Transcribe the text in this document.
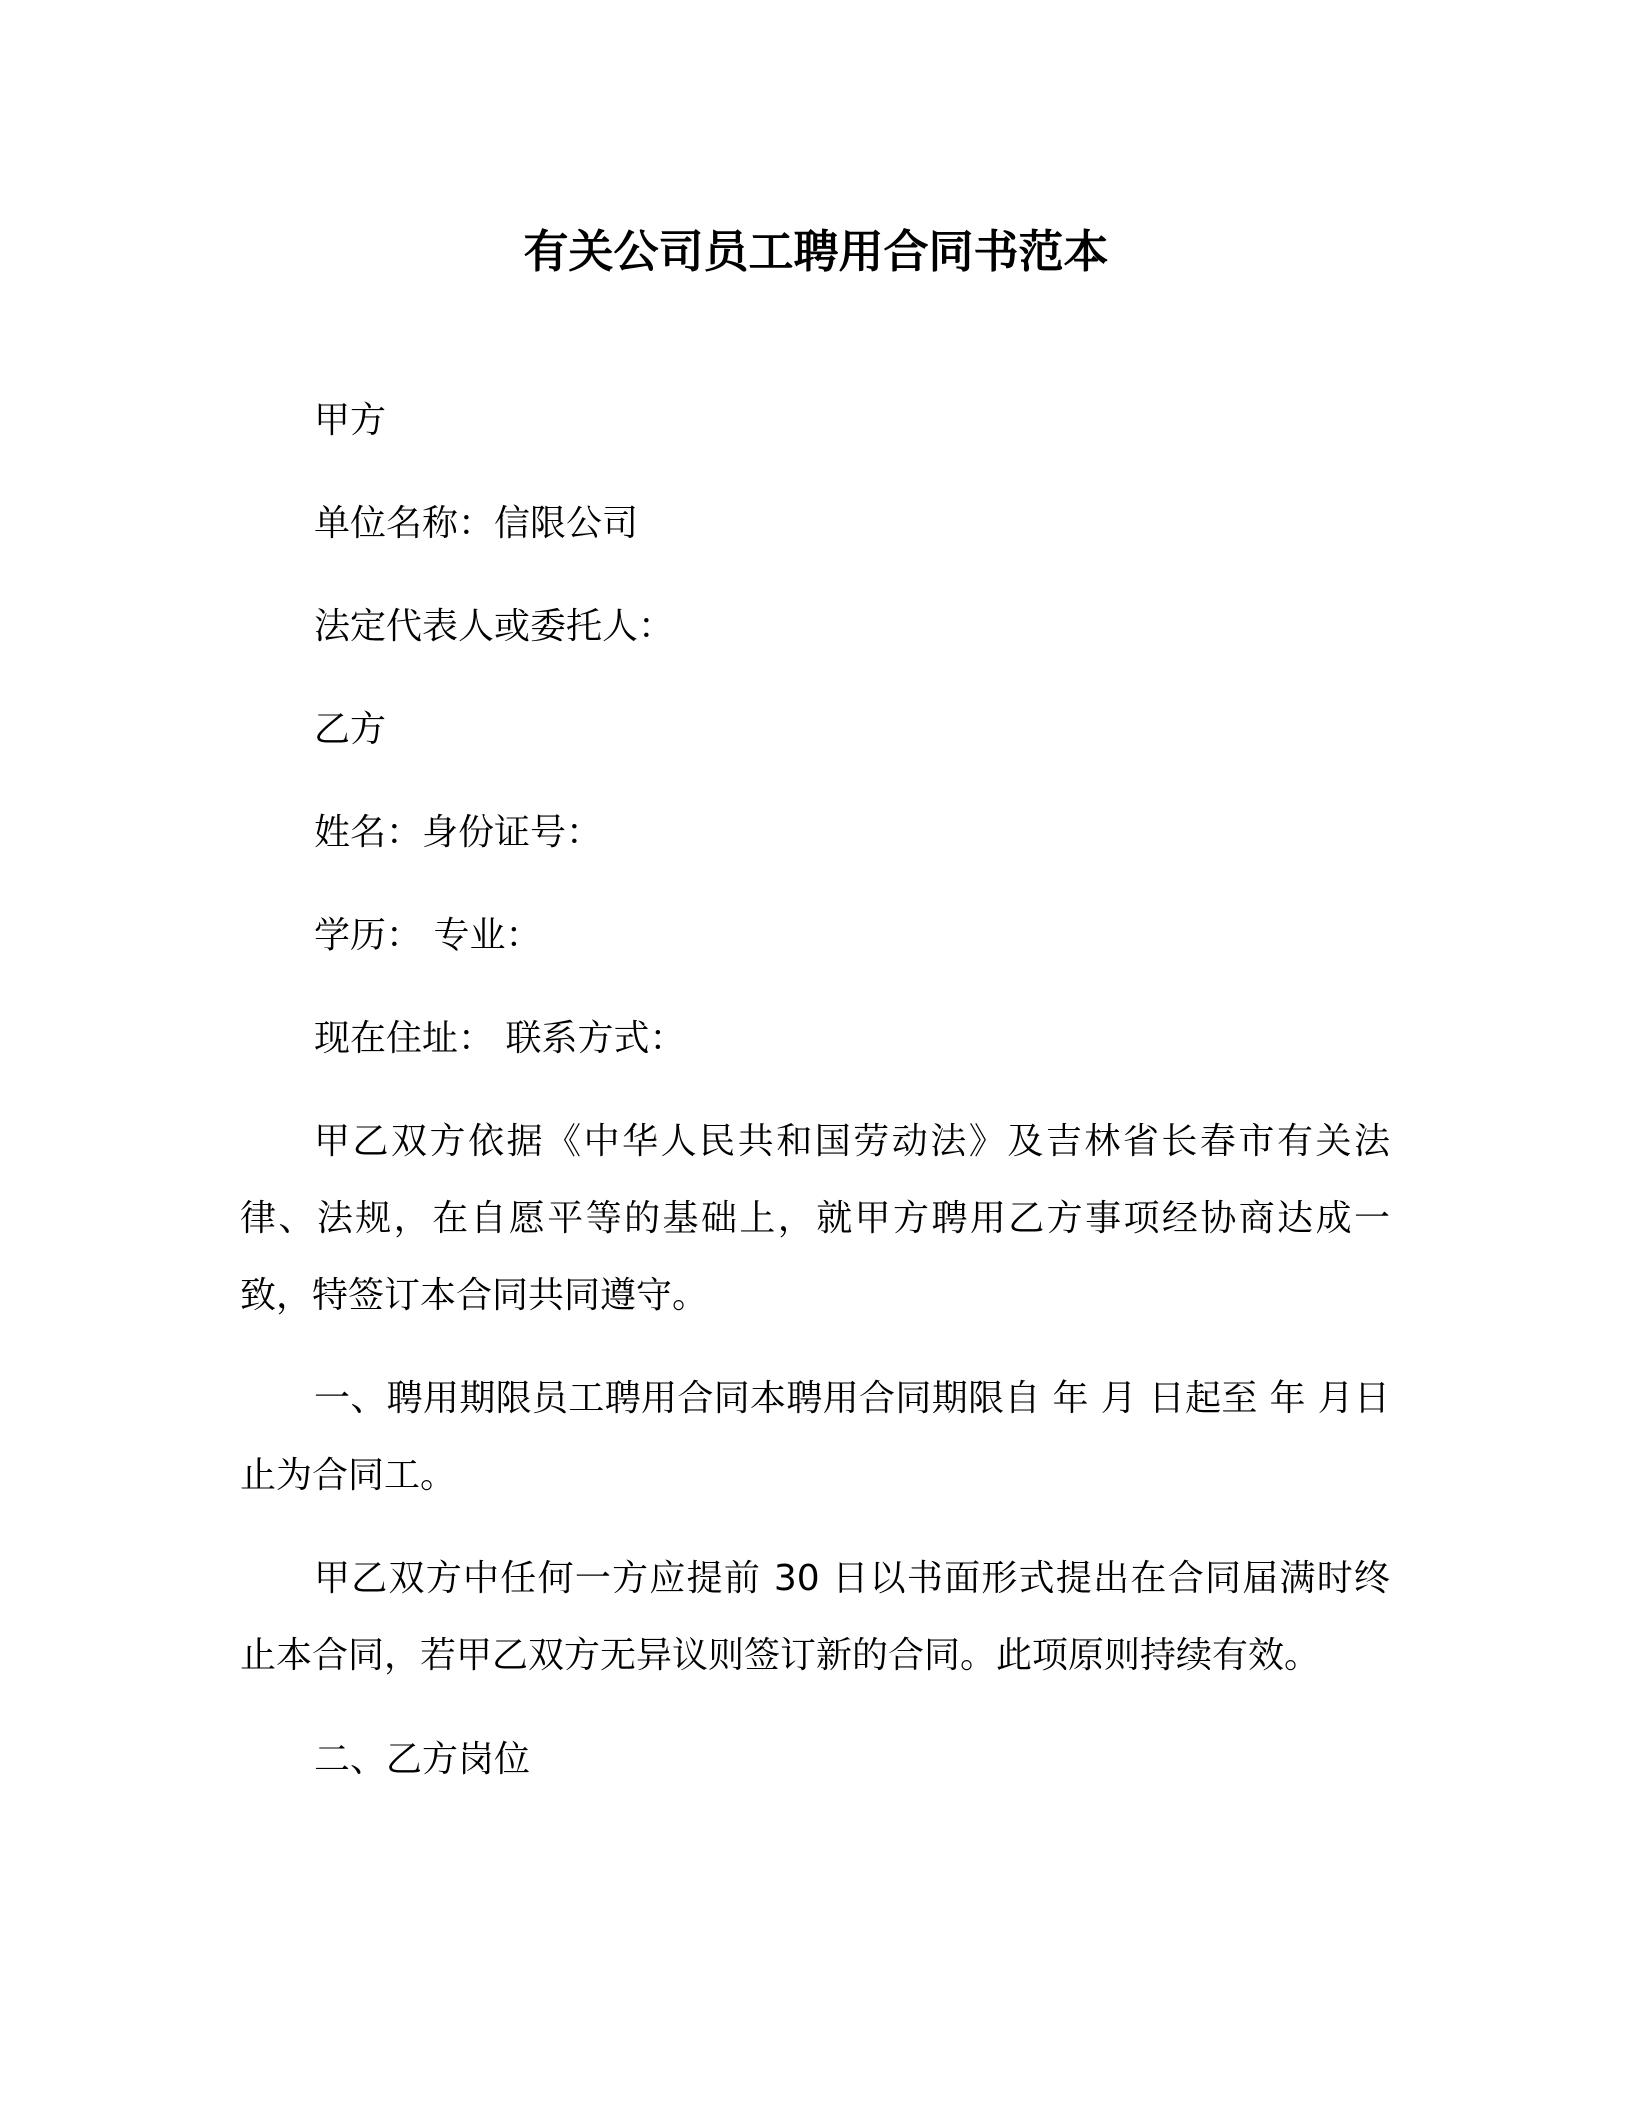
有关公司员工聘用合同书范本
甲方
单位名称：信限公司
法定代表人或委托人：
乙方
姓名：身份证号：
学历： 专业：
现在住址： 联系方式：

甲乙双方依据《中华人民共和国劳动法》及吉林省长春市有关法律、法规，在自愿平等的基础上，就甲方聘用乙方事项经协商达成一致，特签订本合同共同遵守。

一、聘用期限员工聘用合同本聘用合同期限自 年 月 日起至 年 月日止为合同工。

甲乙双方中任何一方应提前 30 日以书面形式提出在合同届满时终止本合同，若甲乙双方无异议则签订新的合同。此项原则持续有效。

二、乙方岗位
